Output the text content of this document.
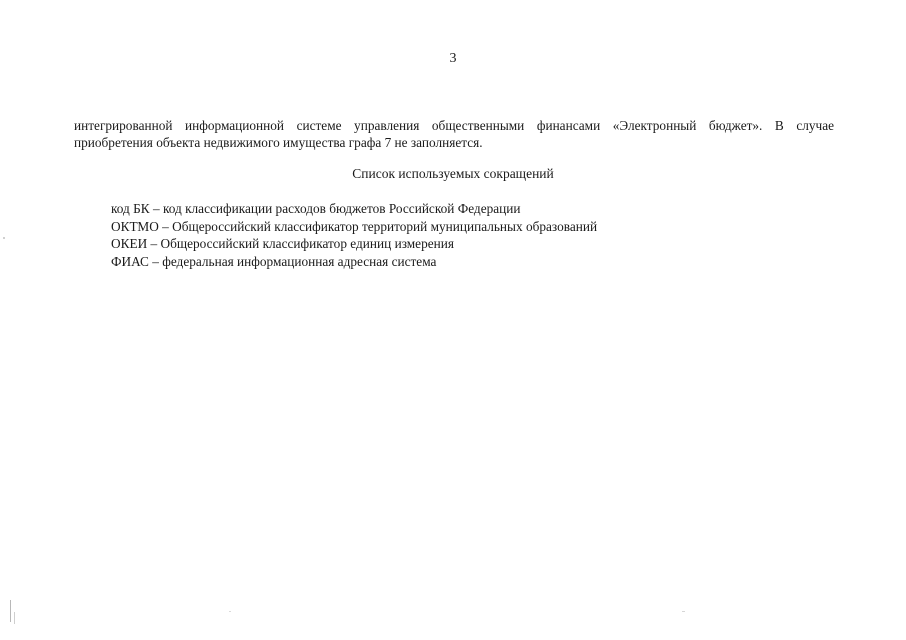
3
интегрированной информационной системе управления общественными финансами «Электронный бюджет». В случае
приобретения объекта недвижимого имущества графа 7 не заполняется.
Список используемых сокращений
код БК – код классификации расходов бюджетов Российской Федерации
ОКТМО – Общероссийский классификатор территорий муниципальных образований
ОКЕИ – Общероссийский классификатор единиц измерения
ФИАС – федеральная информационная адресная система
